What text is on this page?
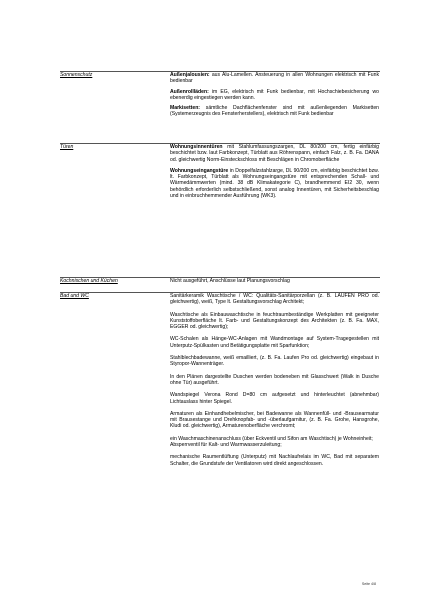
Sonnenschutz	Außenjalousien: aus Alu-Lamellen. Ansteuerung in allen Wohnungen elektrisch mit Funk bedienbar

Außenrollläden: im EG, elektrisch mit Funk bedienbar, mit Hochschiebesicherung wo ebenerdig eingestiegen werden kann.

Markisetten: sämtliche Dachflächenfenster sind mit außenliegenden Markisetten (Systemerzeugnis des Fensterherstellers), elektrisch mit Funk bedienbar

Türen	Wohnungsinnentüren mit Stahlumfassungszargen, DL 80/200 cm, fertig einfärbig beschichtet bzw. laut Farbkonzept, Türblatt aus Röhrenspann, einfach Falz, z. B. Fa. DANA od. gleichwertig Norm-Einsteckschloss mit Beschlägen in Chromoberfläche

Wohnungseingangstüre in Doppelfalzstahlzarge, DL 90/200 cm, einfärbig beschichtet bzw. lt. Farbkonzept, Türblatt als Wohnungseingangstüre mit entsprechenden Schall- und Wärmedämmwerten (mind. 38 dB Klimakategorie C), brandhemmend EI2 30, wenn behördlich erforderlich selbstschließend, sonst analog Innentüren, mit Sicherheitsbeschlag und in einbruchhemmender Ausführung (WK3).

Kochnischen und Küchen	Nicht ausgeführt, Anschlüsse laut Planungsvorschlag

Bad und WC	Sanitärkeramik Waschtische / WC: Qualitäts-Sanitärporzellan (z. B. LAUFEN PRO od. gleichwertig), weiß, Type lt. Gestaltungsvorschlag Architekt;

Waschtische als Einbauwaschtische in feuchtraumbeständige Werkplatten mit geeigneter Kunststoffoberfläche lt. Farb- und Gestaltungskonzept des Architekten (z. B. Fa. MAX, EGGER od. gleichwertig);

WC-Schalen als Hänge-WC-Anlagen mit Wandmontage auf System-Tragegestellen mit Unterputz-Spülkasten und Betätigungsplatte mit Sparfunktion;

Stahlblechbadewanne, weiß emailliert, (z. B. Fa. Laufen Pro od. gleichwertig) eingebaut in Styropor-Wannenträger.

In den Plänen dargestellte Duschen werden bodeneben mit Glasschwert (Walk in Dusche ohne Tür) ausgeführt.

Wandspiegel Verona Rond D=80 cm aufgesetzt und hinterleuchtet (abnehmbar) Lichtauslass hinter Spiegel.

Armaturen als Einhandhebelmischer, bei Badewanne als Wannenfüll- und -Brausearmatur mit Brausestange und Drehknopfab- und -überlaufgarnitur, (z. B. Fa. Grohe, Hansgrohe, Kludi od. gleichwertig), Armaturenoberfläche verchromt;

ein Waschmaschinenanschluss (über Eckventil und Sifon am Waschtisch) je Wohneinheit;
Absperrventil für Kalt- und Warmwasserzuleitung;

mechanische Raumentlüftung (Unterputz) mit Nachlaufrelais im WC, Bad mit separatem Schalter, die Grundstufe der Ventilatoren wird direkt angeschlossen.

Seite 4/8
